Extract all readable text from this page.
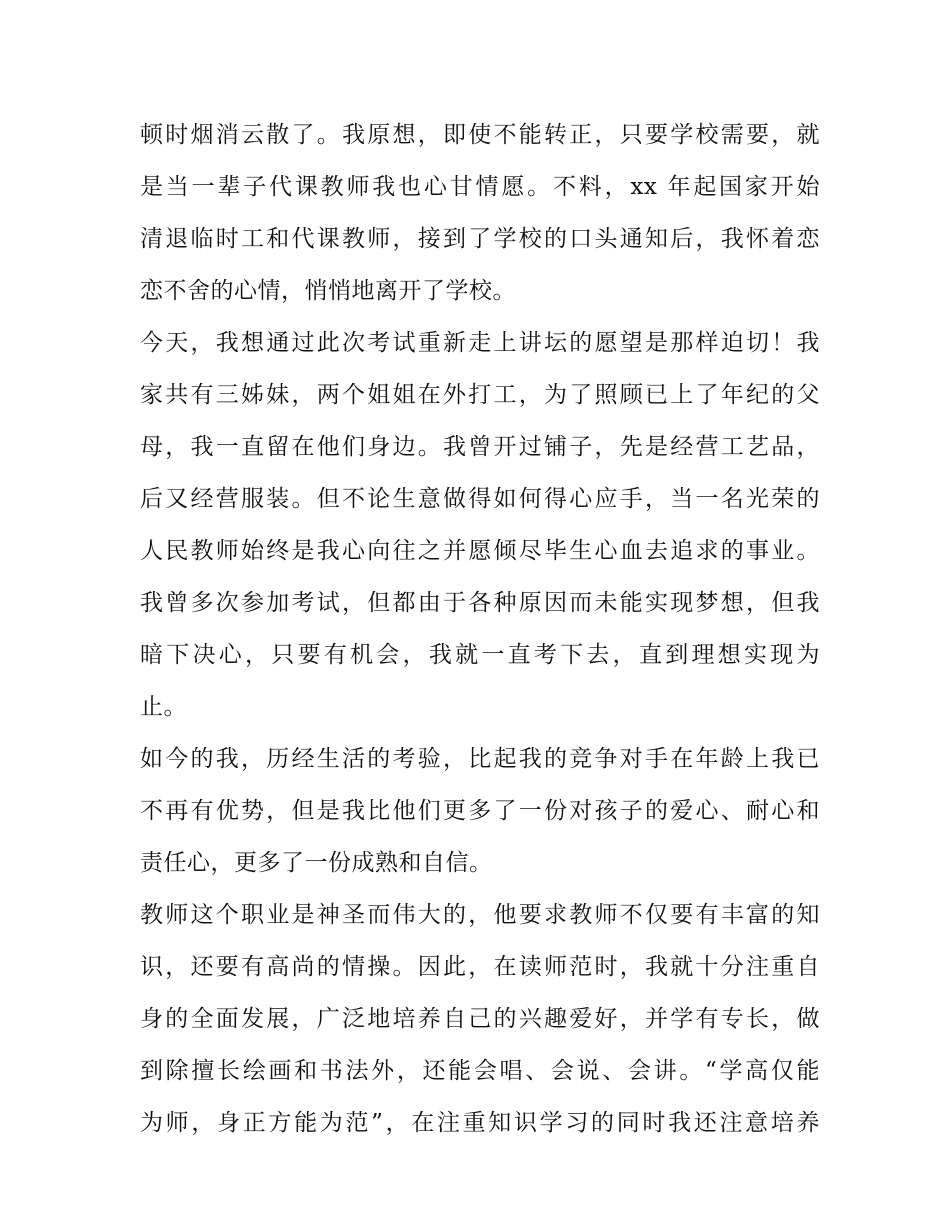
顿时烟消云散了。我原想，即使不能转正，只要学校需要，就
是当一辈子代课教师我也心甘情愿。不料，xx 年起国家开始
清退临时工和代课教师，接到了学校的口头通知后，我怀着恋
恋不舍的心情，悄悄地离开了学校。
今天，我想通过此次考试重新走上讲坛的愿望是那样迫切！我
家共有三姊妹，两个姐姐在外打工，为了照顾已上了年纪的父
母，我一直留在他们身边。我曾开过铺子，先是经营工艺品，
后又经营服装。但不论生意做得如何得心应手，当一名光荣的
人民教师始终是我心向往之并愿倾尽毕生心血去追求的事业。
我曾多次参加考试，但都由于各种原因而未能实现梦想，但我
暗下决心，只要有机会，我就一直考下去，直到理想实现为
止。
如今的我，历经生活的考验，比起我的竞争对手在年龄上我已
不再有优势，但是我比他们更多了一份对孩子的爱心、耐心和
责任心，更多了一份成熟和自信。
教师这个职业是神圣而伟大的，他要求教师不仅要有丰富的知
识，还要有高尚的情操。因此，在读师范时，我就十分注重自
身的全面发展，广泛地培养自己的兴趣爱好，并学有专长，做
到除擅长绘画和书法外，还能会唱、会说、会讲。“学高仅能
为师，身正方能为范”，在注重知识学习的同时我还注意培养
